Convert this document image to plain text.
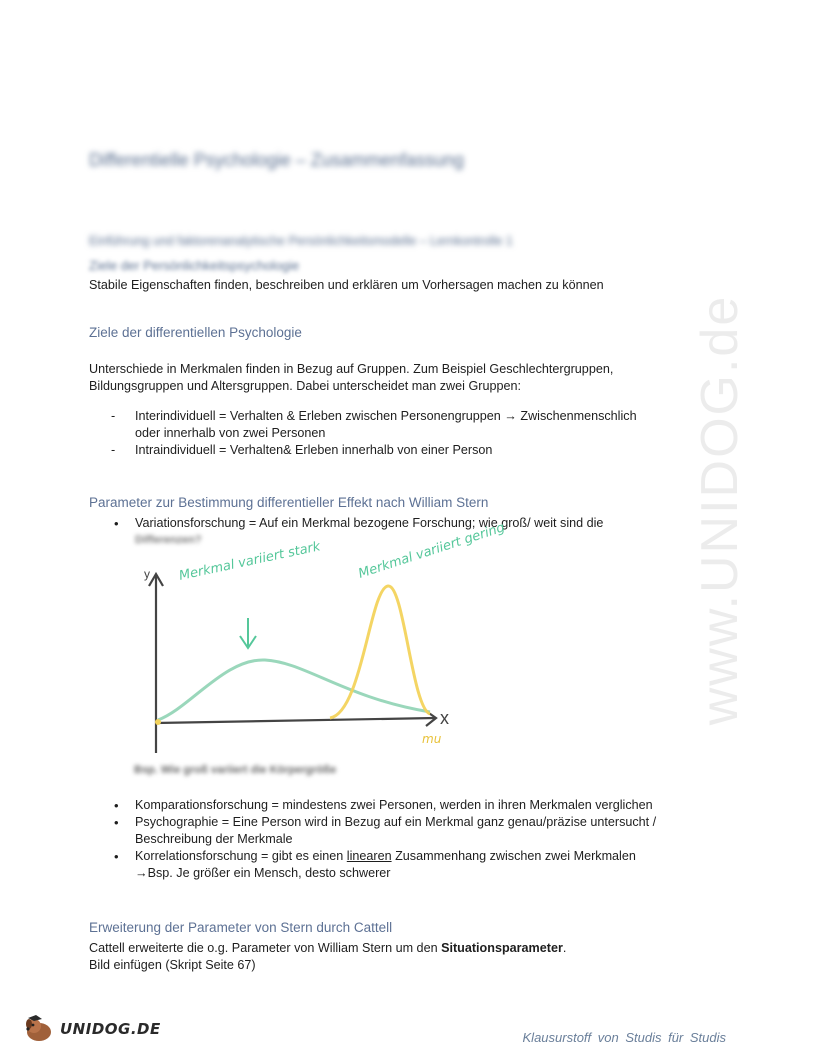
www.UNIDOG.de
Differentielle Psychologie – Zusammenfassung
Einführung und faktorenanalytische Persönlichkeitsmodelle – Lernkontrolle 1
Ziele der Persönlichkeitspsychologie
Stabile Eigenschaften finden, beschreiben und erklären um Vorhersagen machen zu können
Ziele der differentiellen Psychologie
Unterschiede in Merkmalen finden in Bezug auf Gruppen. Zum Beispiel Geschlechtergruppen, Bildungsgruppen und Altersgruppen. Dabei unterscheidet man zwei Gruppen:
- Interindividuell = Verhalten & Erleben zwischen Personengruppen → Zwischenmenschlich oder innerhalb von zwei Personen
- Intraindividuell = Verhalten& Erleben innerhalb von einer Person
Parameter zur Bestimmung differentieller Effekt nach William Stern
• Variationsforschung = Auf ein Merkmal bezogene Forschung; wie groß/ weit sind die
Differenzen?
y
x
Merkmal variiert stark	Merkmal variiert gering
mu
Bsp. Wie groß variiert die Körpergröße
• Komparationsforschung = mindestens zwei Personen, werden in ihren Merkmalen verglichen
• Psychographie = Eine Person wird in Bezug auf ein Merkmal ganz genau/präzise untersucht / Beschreibung der Merkmale
• Korrelationsforschung = gibt es einen linearen Zusammenhang zwischen zwei Merkmalen
→Bsp. Je größer ein Mensch, desto schwerer
Erweiterung der Parameter von Stern durch Cattell
Cattell erweiterte die o.g. Parameter von William Stern um den Situationsparameter.
Bild einfügen (Skript Seite 67)
UNIDOG.DE	Klausurstoff von Studis für Studis
